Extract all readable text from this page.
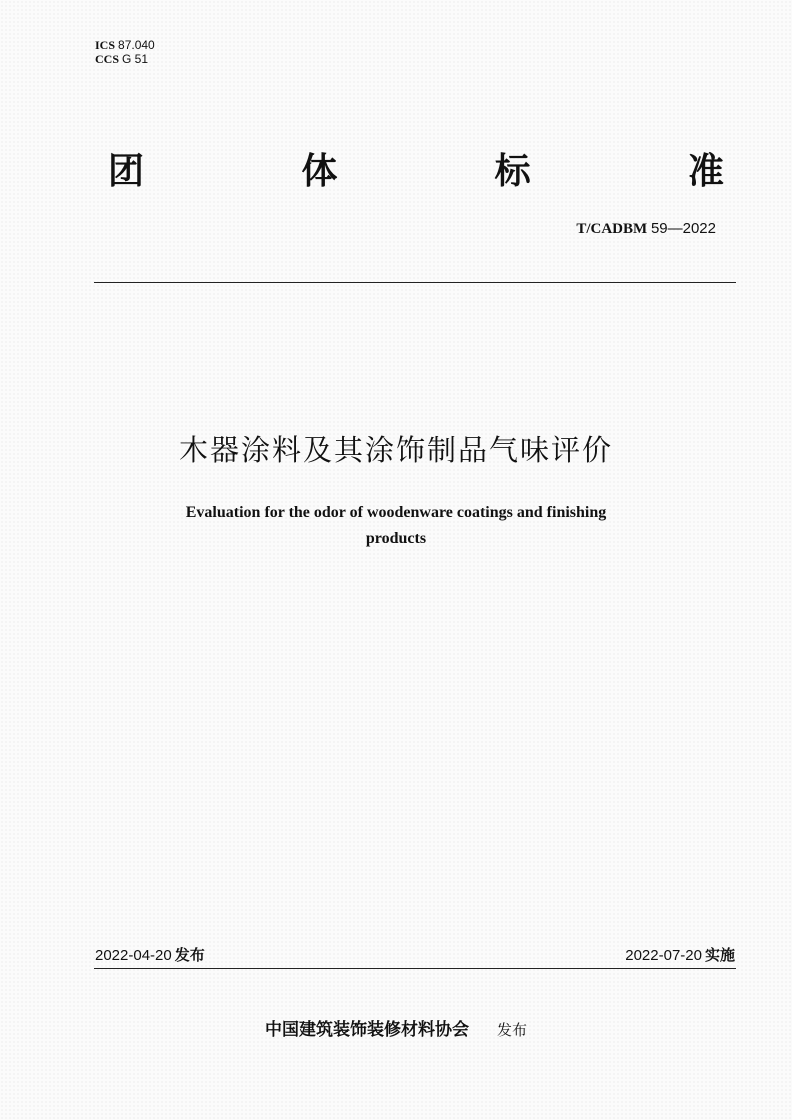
ICS 87.040
CCS G 51
团	体	标	准
T/CADBM 59—2022
木器涂料及其涂饰制品气味评价
Evaluation for the odor of woodenware coatings and finishing
products
2022-04-20 发布	2022-07-20 实施
中国建筑装饰装修材料协会 发布
